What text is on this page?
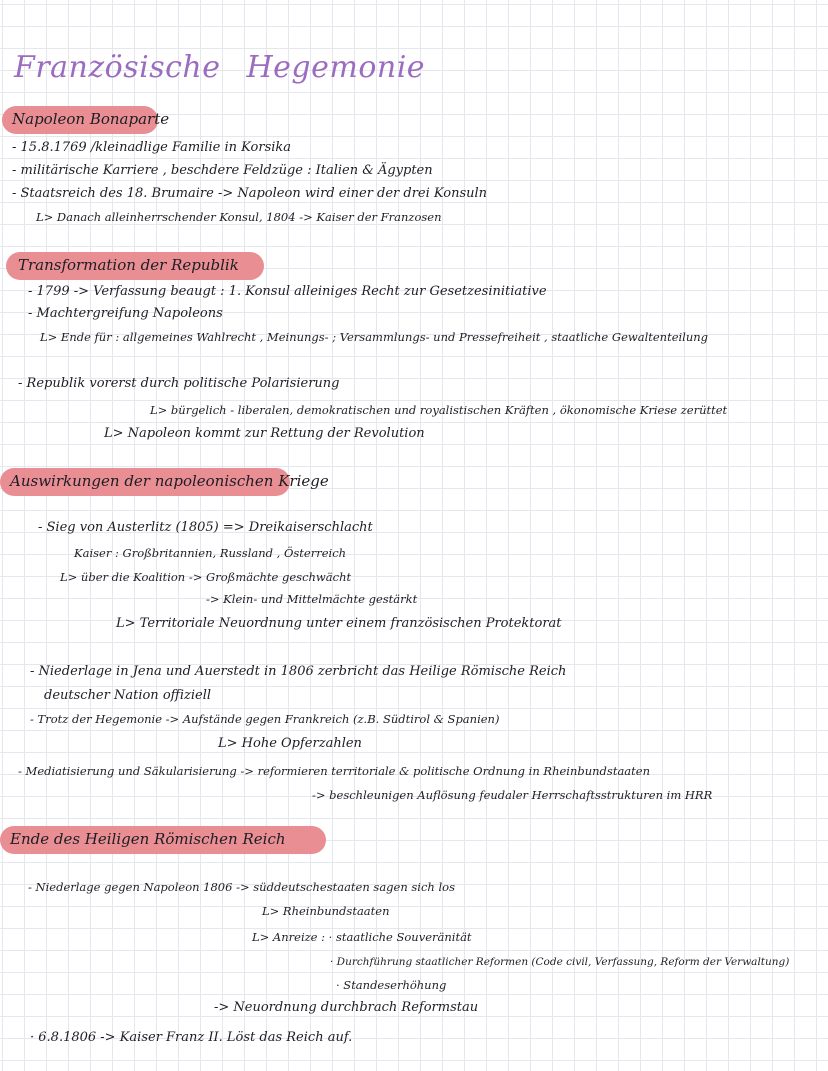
Französische Hegemonie
Napoleon Bonaparte
- 15.8.1769 /kleinadlige Familie in Korsika
- militärische Karriere , beschdere Feldzüge : Italien & Ägypten
- Staatsreich des 18. Brumaire -> Napoleon wird einer der drei Konsuln
L> Danach alleinherrschender Konsul, 1804 -> Kaiser der Franzosen
Transformation der Republik
- 1799 -> Verfassung beaugt : 1. Konsul alleiniges Recht zur Gesetzesinitiative
- Machtergreifung Napoleons
L> Ende für : allgemeines Wahlrecht , Meinungs- ; Versammlungs- und Pressefreiheit , staatliche Gewaltenteilung
- Republik vorerst durch politische Polarisierung
L> bürgelich - liberalen, demokratischen und royalistischen Kräften , ökonomische Kriese zerüttet
L> Napoleon kommt zur Rettung der Revolution
Auswirkungen der napoleonischen Kriege
- Sieg von Austerlitz (1805) => Dreikaiserschlacht
Kaiser : Großbritannien, Russland , Österreich
L> über die Koalition -> Großmächte geschwächt
-> Klein- und Mittelmächte gestärkt
L> Territoriale Neuordnung unter einem französischen Protektorat
- Niederlage in Jena und Auerstedt in 1806 zerbricht das Heilige Römische Reich
deutscher Nation offiziell
- Trotz der Hegemonie -> Aufstände gegen Frankreich (z.B. Südtirol & Spanien)
L> Hohe Opferzahlen
- Mediatisierung und Säkularisierung -> reformieren territoriale & politische Ordnung in Rheinbundstaaten
-> beschleunigen Auflösung feudaler Herrschaftsstrukturen im HRR
Ende des Heiligen Römischen Reich
- Niederlage gegen Napoleon 1806 -> süddeutschestaaten sagen sich los
L> Rheinbundstaaten
L> Anreize : · staatliche Souveränität
· Durchführung staatlicher Reformen (Code civil, Verfassung, Reform der Verwaltung)
· Standeserhöhung
-> Neuordnung durchbrach Reformstau
· 6.8.1806 -> Kaiser Franz II. Löst das Reich auf.
